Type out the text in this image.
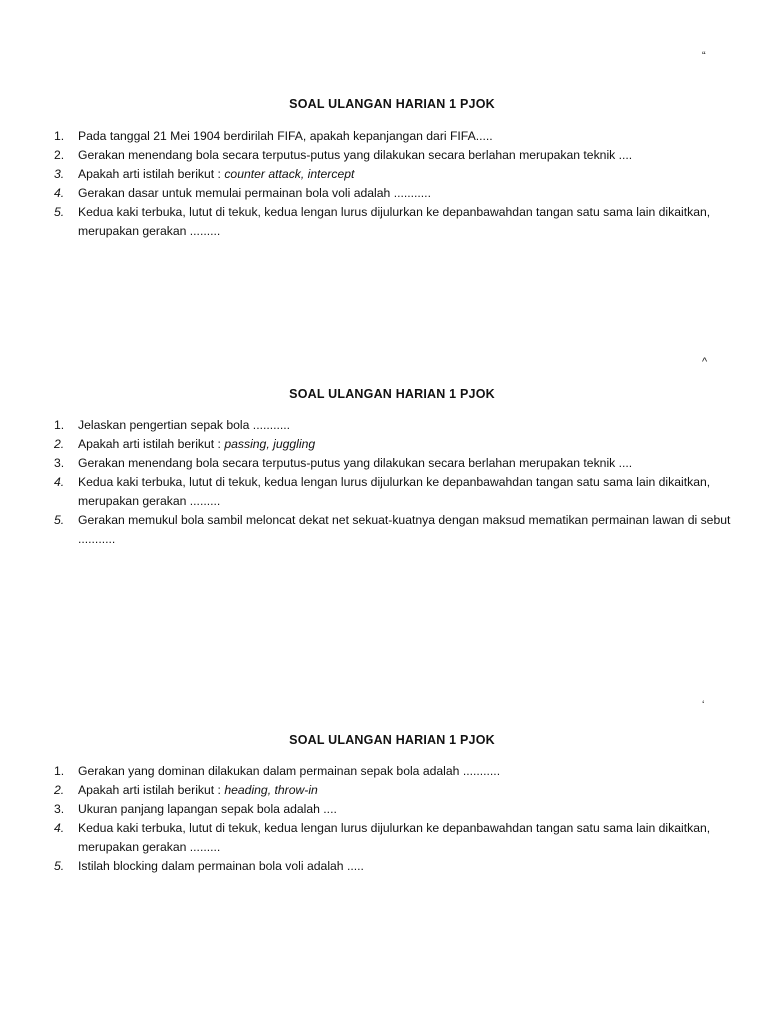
“
SOAL ULANGAN HARIAN 1 PJOK
1.	Pada tanggal 21 Mei 1904 berdirilah FIFA, apakah kepanjangan dari FIFA.....
2.	Gerakan menendang bola secara terputus-putus yang dilakukan secara berlahan merupakan teknik ....
3.	Apakah arti istilah berikut : counter attack, intercept
4.	Gerakan dasar untuk memulai permainan bola voli adalah ...........
5.	Kedua kaki terbuka, lutut di tekuk, kedua lengan lurus dijulurkan ke depanbawahdan tangan satu sama lain dikaitkan, merupakan gerakan .........
^
SOAL ULANGAN HARIAN 1 PJOK
1.	Jelaskan pengertian sepak bola ...........
2.	Apakah arti istilah berikut : passing, juggling
3.	Gerakan menendang bola secara terputus-putus yang dilakukan secara berlahan merupakan teknik ....
4.	Kedua kaki terbuka, lutut di tekuk, kedua lengan lurus dijulurkan ke depanbawahdan tangan satu sama lain dikaitkan, merupakan gerakan .........
5.	Gerakan memukul bola sambil meloncat dekat net sekuat-kuatnya dengan maksud mematikan permainan lawan di sebut ...........
‘
SOAL ULANGAN HARIAN 1 PJOK
1.	Gerakan yang dominan dilakukan dalam permainan sepak bola adalah ...........
2.	Apakah arti istilah berikut : heading, throw-in
3.	Ukuran panjang lapangan sepak bola adalah ....
4.	Kedua kaki terbuka, lutut di tekuk, kedua lengan lurus dijulurkan ke depanbawahdan tangan satu sama lain dikaitkan, merupakan gerakan .........
5.	Istilah blocking dalam permainan bola voli adalah .....
